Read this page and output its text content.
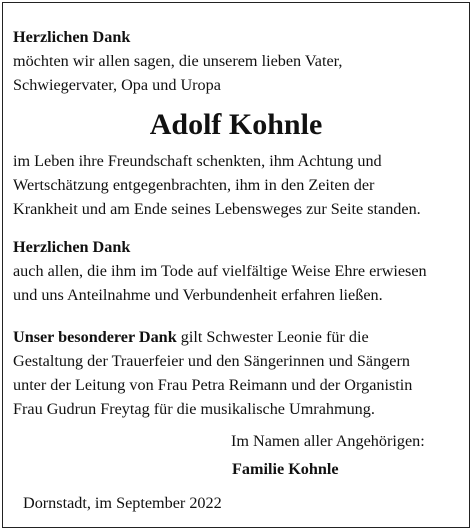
Herzlichen Dank
möchten wir allen sagen, die unserem lieben Vater,
Schwiegervater, Opa und Uropa
Adolf Kohnle
im Leben ihre Freundschaft schenkten, ihm Achtung und
Wertschätzung entgegenbrachten, ihm in den Zeiten der
Krankheit und am Ende seines Lebensweges zur Seite standen.
Herzlichen Dank
auch allen, die ihm im Tode auf vielfältige Weise Ehre erwiesen
und uns Anteilnahme und Verbundenheit erfahren ließen.
Unser besonderer Dank gilt Schwester Leonie für die
Gestaltung der Trauerfeier und den Sängerinnen und Sängern
unter der Leitung von Frau Petra Reimann und der Organistin
Frau Gudrun Freytag für die musikalische Umrahmung.
Im Namen aller Angehörigen:
Familie Kohnle
Dornstadt, im September 2022
